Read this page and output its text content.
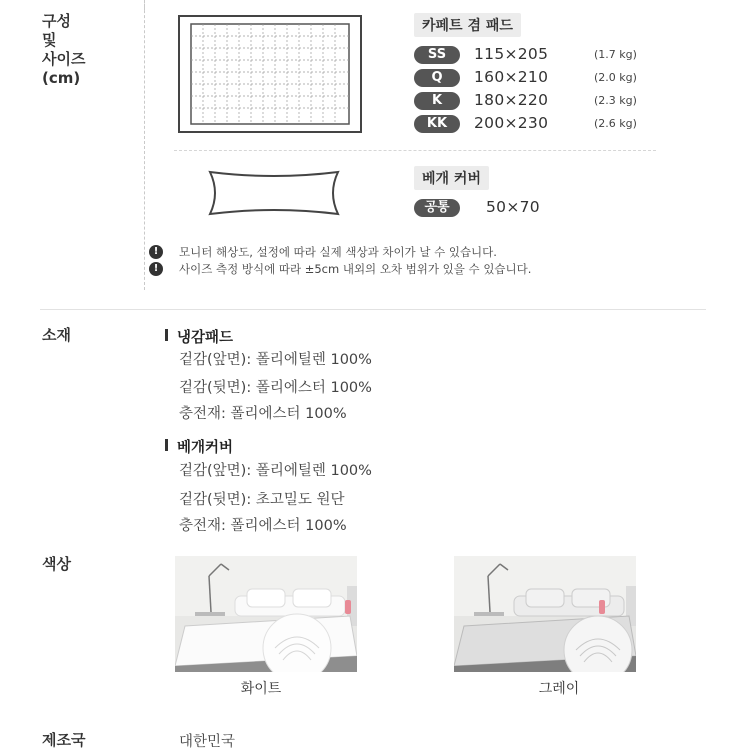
구성
및
사이즈
(cm)
카페트 겸 패드
SS	115×205	(1.7 kg)
Q	160×210	(2.0 kg)
K	180×220	(2.3 kg)
KK	200×230	(2.6 kg)
베개 커버
공통	50×70
!	모니터 해상도, 설정에 따라 실제 색상과 차이가 날 수 있습니다.
!	사이즈 측정 방식에 따라 ±5cm 내외의 오차 범위가 있을 수 있습니다.
소재	냉감패드
겉감(앞면): 폴리에틸렌 100%
겉감(뒷면): 폴리에스터 100%
충전재: 폴리에스터 100%
베개커버
겉감(앞면): 폴리에틸렌 100%
겉감(뒷면): 초고밀도 원단
충전재: 폴리에스터 100%
색상
화이트	그레이
제조국	대한민국
